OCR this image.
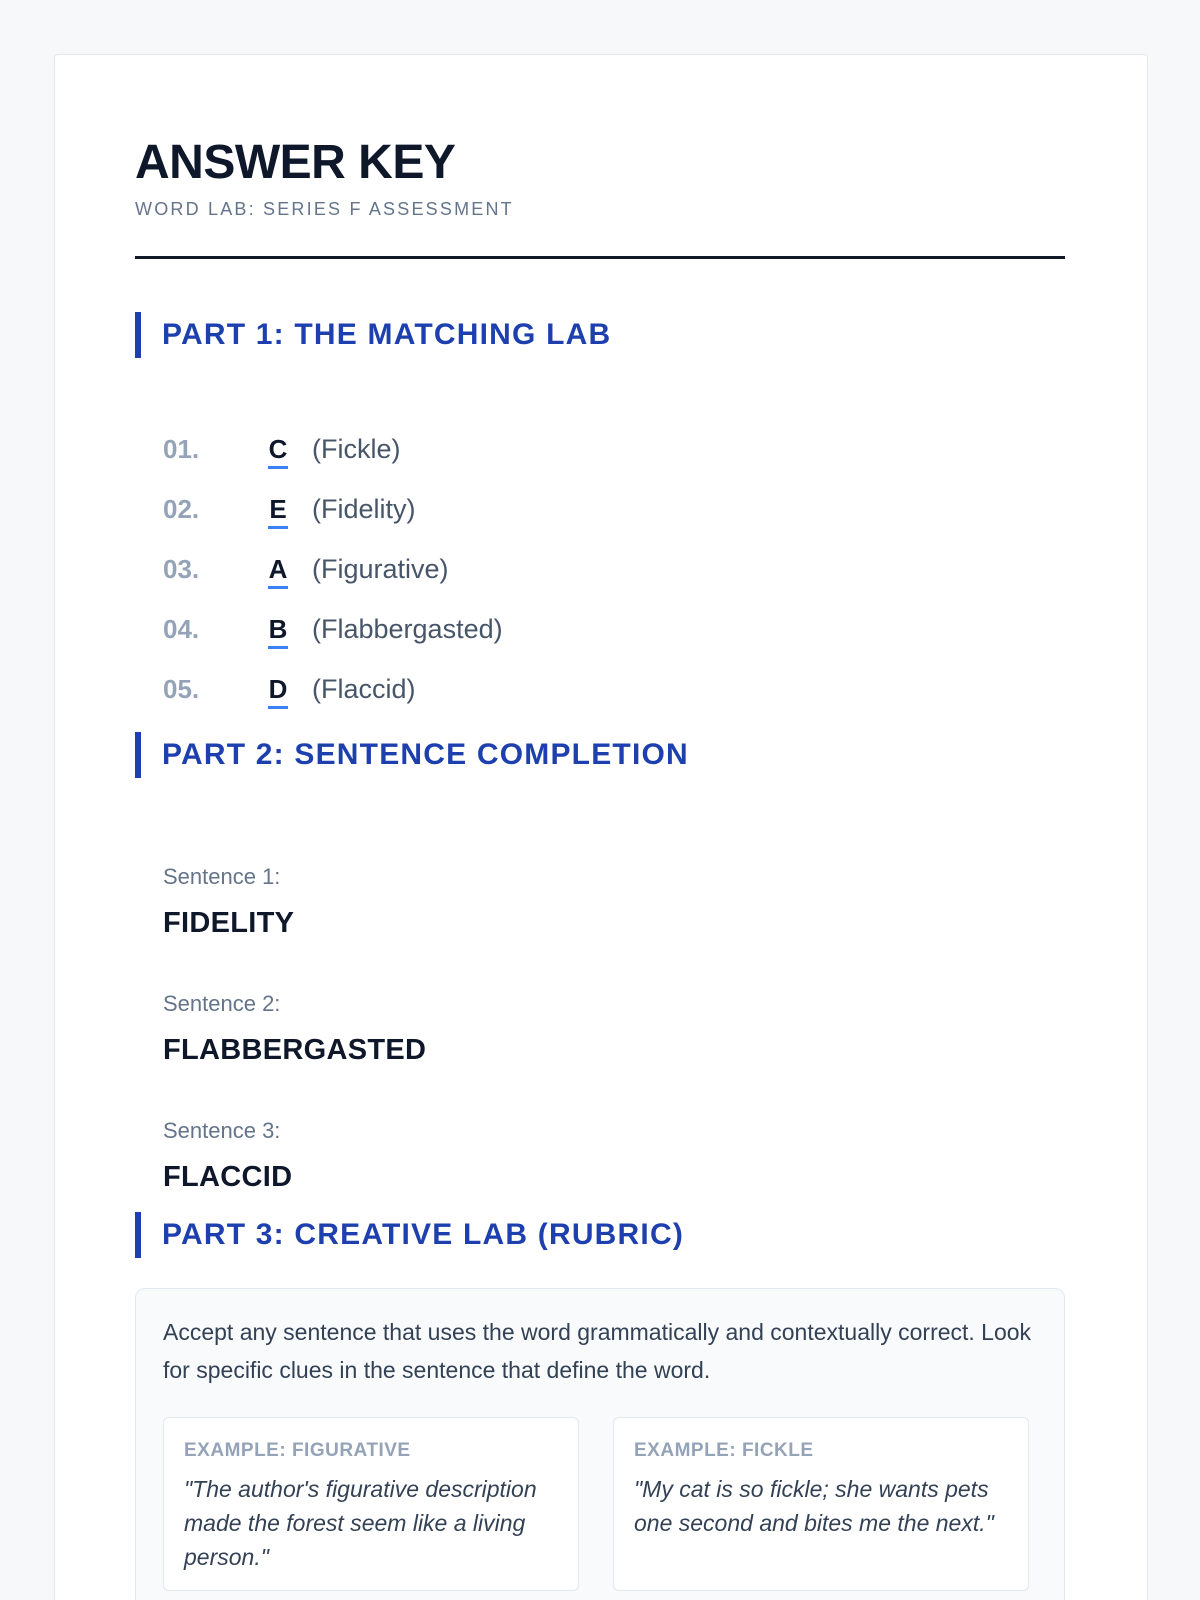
ANSWER KEY
WORD LAB: SERIES F ASSESSMENT
PART 1: THE MATCHING LAB
01.	C (Fickle)
02.	E (Fidelity)
03.	A (Figurative)
04.	B (Flabbergasted)
05.	D (Flaccid)
PART 2: SENTENCE COMPLETION
Sentence 1:
FIDELITY
Sentence 2:
FLABBERGASTED
Sentence 3:
FLACCID
PART 3: CREATIVE LAB (RUBRIC)
Accept any sentence that uses the word grammatically and contextually correct. Look for specific clues in the sentence that define the word.
EXAMPLE: FIGURATIVE
"The author's figurative description made the forest seem like a living person."
EXAMPLE: FICKLE
"My cat is so fickle; she wants pets one second and bites me the next."
